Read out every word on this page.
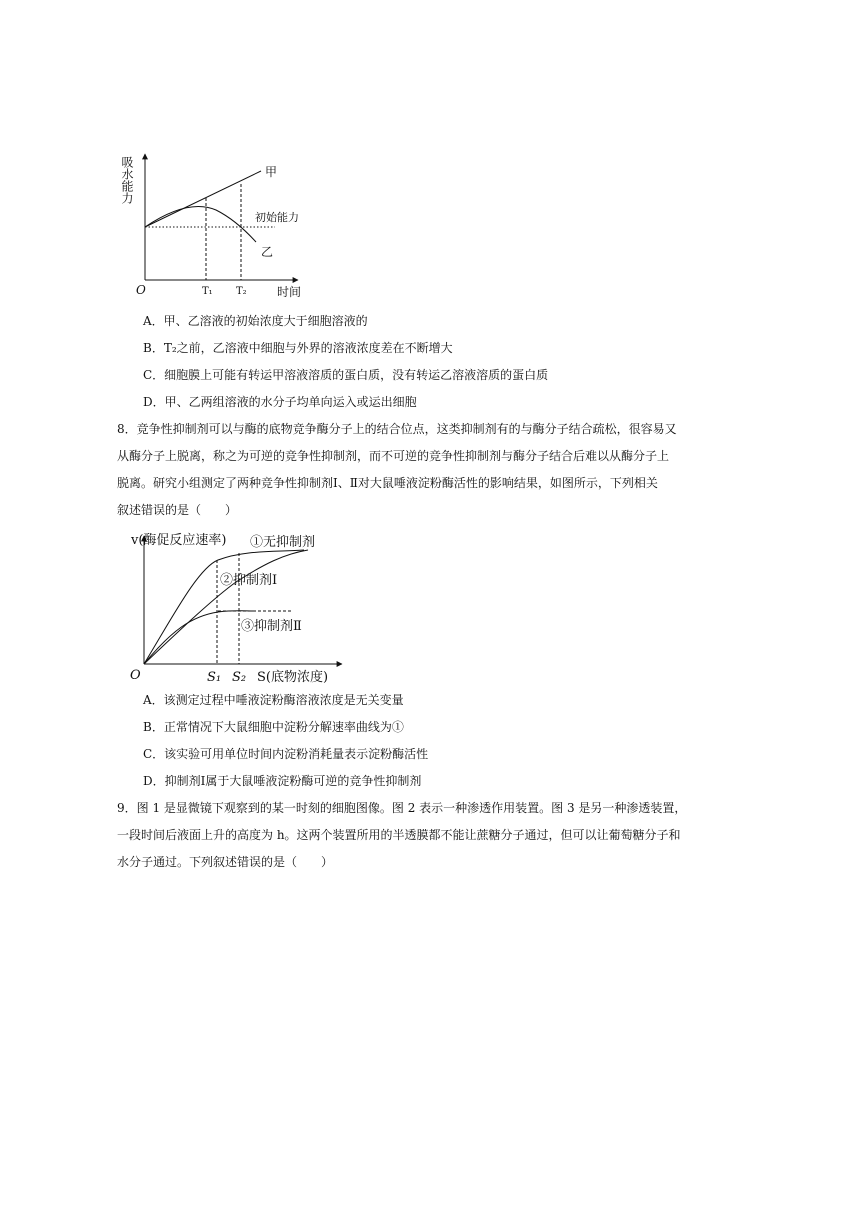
吸水能力
O	时间
甲
乙
初始能力
T₁ T₂
A．甲、乙溶液的初始浓度大于细胞溶液的
B．T₂之前，乙溶液中细胞与外界的溶液浓度差在不断增大
C．细胞膜上可能有转运甲溶液溶质的蛋白质，没有转运乙溶液溶质的蛋白质
D．甲、乙两组溶液的水分子均单向运入或运出细胞
8．竞争性抑制剂可以与酶的底物竞争酶分子上的结合位点，这类抑制剂有的与酶分子结合疏松，很容易又
从酶分子上脱离，称之为可逆的竞争性抑制剂，而不可逆的竞争性抑制剂与酶分子结合后难以从酶分子上
脱离。研究小组测定了两种竞争性抑制剂Ⅰ、Ⅱ对大鼠唾液淀粉酶活性的影响结果，如图所示，下列相关
叙述错误的是（　　）
v(酶促反应速率)
O	S(底物浓度)
S₁ S₂
①无抑制剂
②抑制剂Ⅰ
③抑制剂Ⅱ
A．该测定过程中唾液淀粉酶溶液浓度是无关变量
B．正常情况下大鼠细胞中淀粉分解速率曲线为①
C．该实验可用单位时间内淀粉消耗量表示淀粉酶活性
D．抑制剂Ⅰ属于大鼠唾液淀粉酶可逆的竞争性抑制剂
9．图 1 是显微镜下观察到的某一时刻的细胞图像。图 2 表示一种渗透作用装置。图 3 是另一种渗透装置，
一段时间后液面上升的高度为 h。这两个装置所用的半透膜都不能让蔗糖分子通过，但可以让葡萄糖分子和
水分子通过。下列叙述错误的是（　　）
